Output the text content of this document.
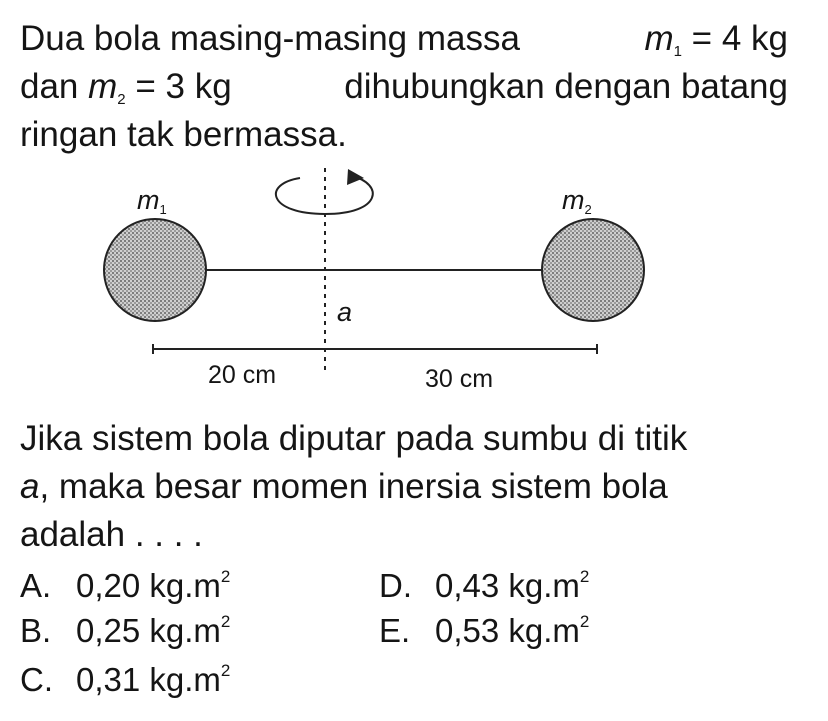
Dua bola masing-masing massa	$m_1 = 4$ kg
dan $m_2 = 3$ kg	dihubungkan dengan batang
ringan tak bermassa.
$m_1$	$m_2$
a
20 cm	30 cm
Jika sistem bola diputar pada sumbu di titik
a, maka besar momen inersia sistem bola
adalah . . . .
A. 0,20 $kg.m^2$
B. 0,25 $kg.m^2$
C. 0,31 $kg.m^2$
D. 0,43 $kg.m^2$
E. 0,53 $kg.m^2$
